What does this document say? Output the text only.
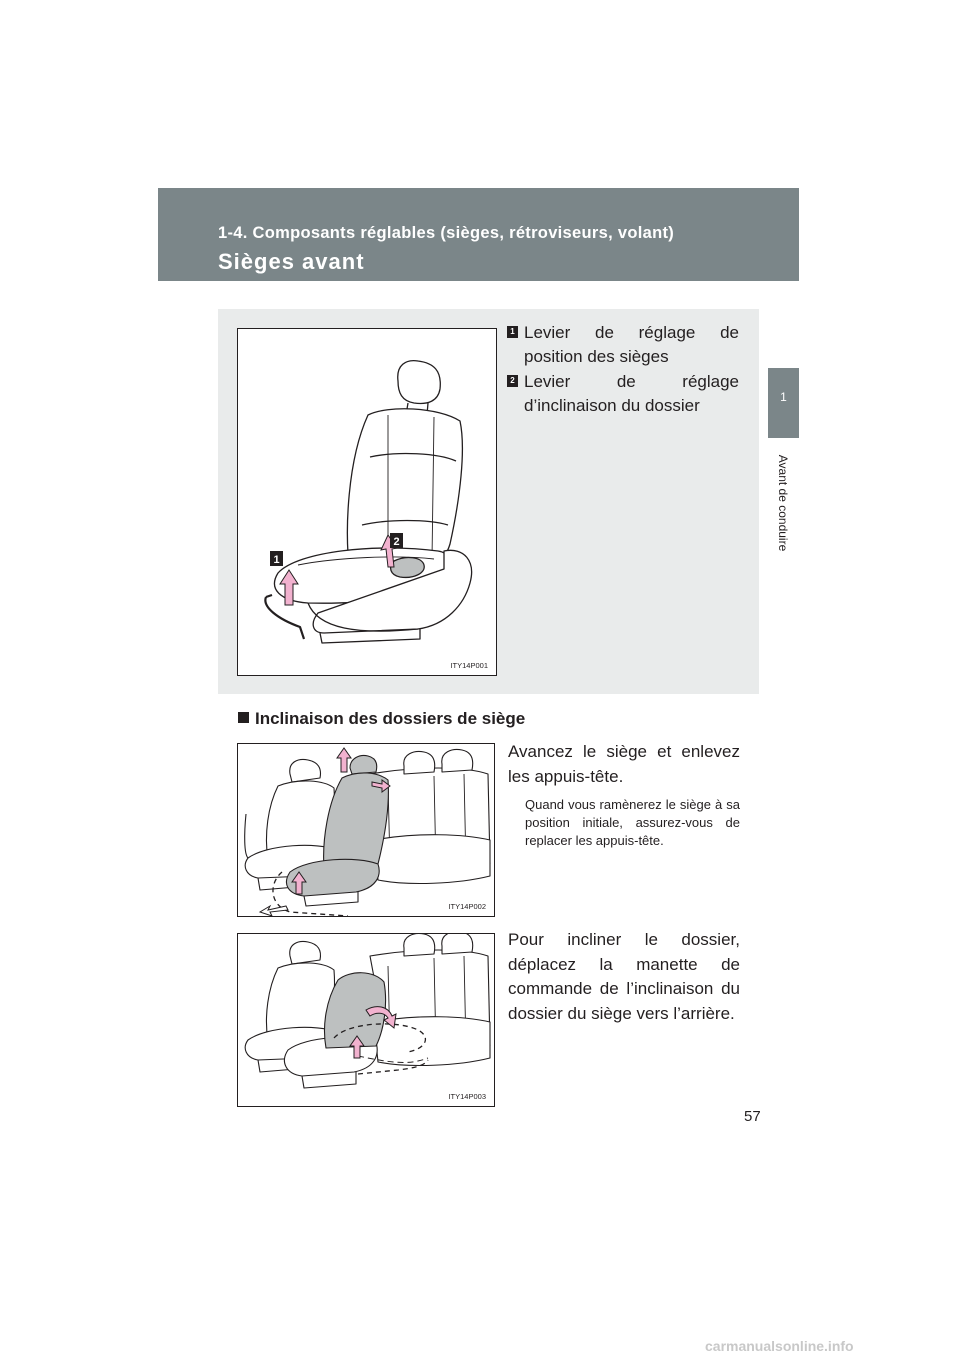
1-4. Composants réglables (sièges, rétroviseurs, volant)
Sièges avant
1
Avant de conduire
1
2
ITY14P001
1 Levier de réglage de position des sièges
2 Levier de réglage d’inclinaison du dossier
Inclinaison des dossiers de siège
ITY14P002
ITY14P003
Avancez le siège et enlevez les appuis-tête.
Quand vous ramènerez le siège à sa position initiale, assurez-vous de replacer les appuis-tête.
Pour incliner le dossier, déplacez la manette de commande de l’inclinaison du dossier du siège vers l’arrière.
57
carmanualsonline.info
